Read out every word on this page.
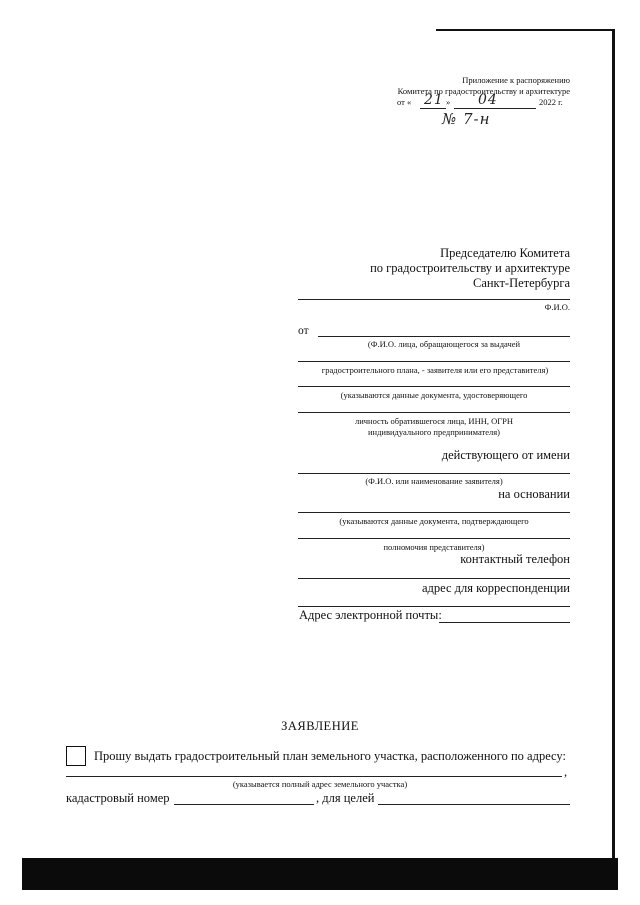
Приложение к распоряжению
Комитета по градостроительству и архитектуре
от « 21 » 04	2022 г.
№ 7-н
Председателю Комитета
по градостроительству и архитектуре
Санкт-Петербурга
Ф.И.О.
от
(Ф.И.О. лица, обращающегося за выдачей
градостроительного плана, - заявителя или его представителя)
(указываются данные документа, удостоверяющего
личность обратившегося лица, ИНН, ОГРН
индивидуального предпринимателя)
действующего от имени
(Ф.И.О. или наименование заявителя)
на основании
(указываются данные документа, подтверждающего
полномочия представителя)
контактный телефон
адрес для корреспонденции
Адрес электронной почты:
ЗАЯВЛЕНИЕ
Прошу выдать градостроительный план земельного участка, расположенного по адресу:
,
(указывается полный адрес земельного участка)
кадастровый номер	, для целей
